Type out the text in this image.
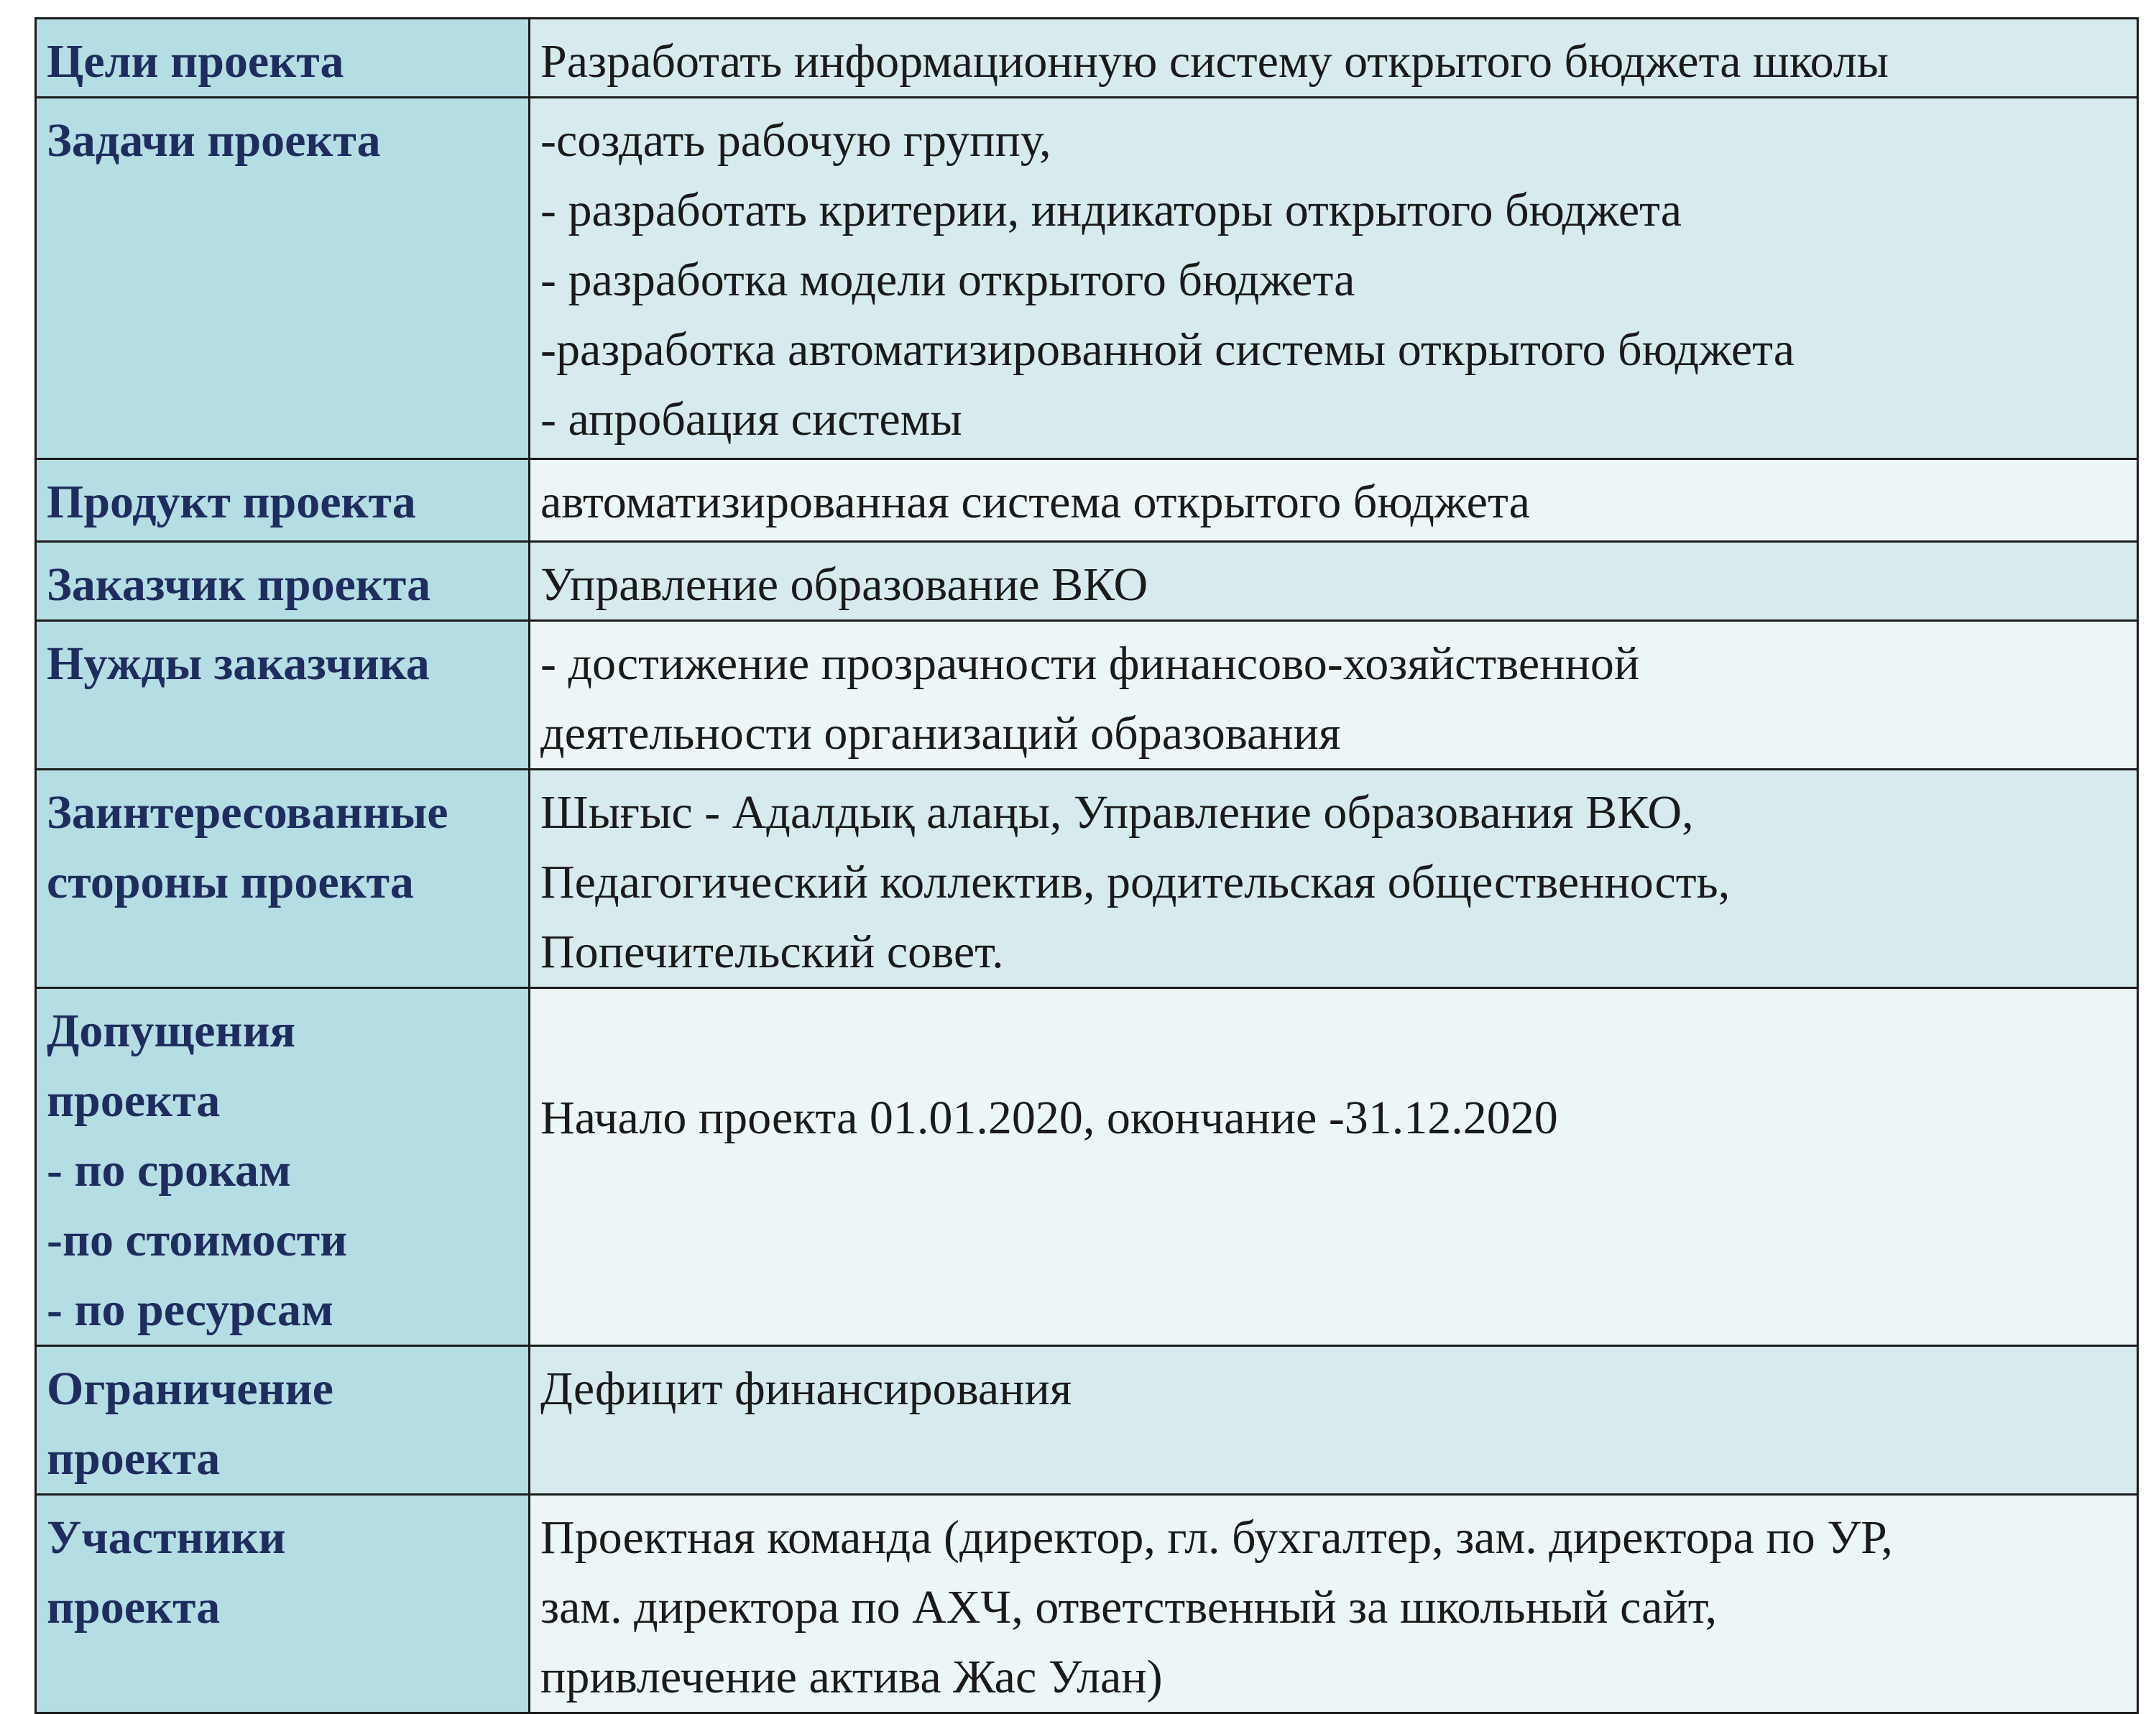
Цели проекта	Разработать информационную систему открытого бюджета школы

Задачи проекта	-создать рабочую группу,
- разработать критерии, индикаторы открытого бюджета
- разработка модели открытого бюджета
-разработка автоматизированной системы открытого бюджета
- апробация системы

Продукт проекта	автоматизированная система открытого бюджета

Заказчик проекта	Управление образование ВКО

Нужды заказчика	- достижение прозрачности финансово-хозяйственной
деятельности организаций образования

Заинтересованные
стороны проекта	Шығыс - Адалдық алаңы, Управление образования ВКО,
Педагогический коллектив, родительская общественность,
Попечительский совет.

Допущения
проекта
- по срокам
-по стоимости
- по ресурсам	Начало проекта 01.01.2020, окончание -31.12.2020

Ограничение
проекта	Дефицит финансирования

Участники
проекта	Проектная команда (директор, гл. бухгалтер, зам. директора по УР,
зам. директора по АХЧ, ответственный за школьный сайт,
привлечение актива Жас Улан)
